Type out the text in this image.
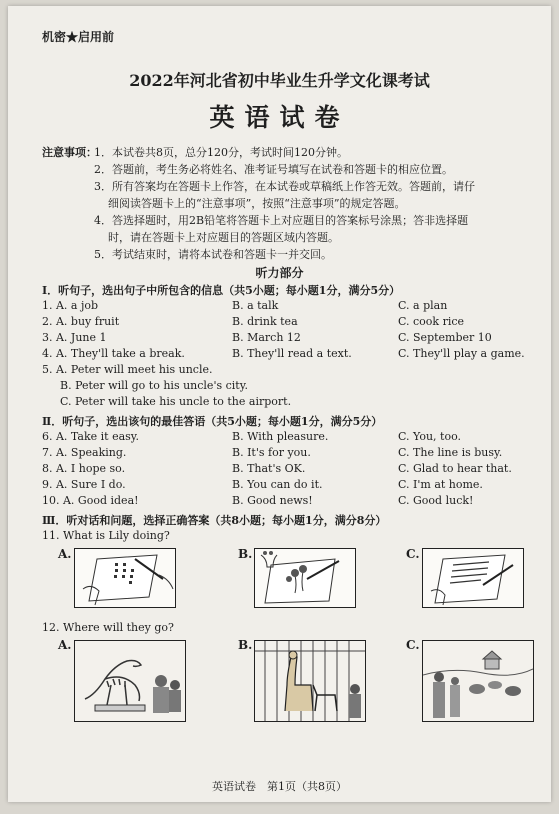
机密★启用前
2022年河北省初中毕业生升学文化课考试
英语试卷
注意事项：
1．本试卷共8页，总分120分，考试时间120分钟。
2．答题前，考生务必将姓名、准考证号填写在试卷和答题卡的相应位置。
3．所有答案均在答题卡上作答，在本试卷或草稿纸上作答无效。答题前，请仔
细阅读答题卡上的“注意事项”，按照“注意事项”的规定答题。
4．答选择题时，用2B铅笔将答题卡上对应题目的答案标号涂黑；答非选择题
时，请在答题卡上对应题目的答题区域内答题。
5．考试结束时，请将本试卷和答题卡一并交回。
听力部分
Ⅰ．听句子，选出句子中所包含的信息（共5小题；每小题1分，满分5分）
1. A. a job	B. a talk	C. a plan
2. A. buy fruit	B. drink tea	C. cook rice
3. A. June 1	B. March 12	C. September 10
4. A. They'll take a break.	B. They'll read a text.	C. They'll play a game.
5. A. Peter will meet his uncle.
B. Peter will go to his uncle's city.
C. Peter will take his uncle to the airport.
Ⅱ．听句子，选出该句的最佳答语（共5小题；每小题1分，满分5分）
6. A. Take it easy.	B. With pleasure.	C. You, too.
7. A. Speaking.	B. It's for you.	C. The line is busy.
8. A. I hope so.	B. That's OK.	C. Glad to hear that.
9. A. Sure I do.	B. You can do it.	C. I'm at home.
10. A. Good idea!	B. Good news!	C. Good luck!
Ⅲ．听对话和问题，选择正确答案（共8小题；每小题1分，满分8分）
11. What is Lily doing?
A.	B.	C.
12. Where will they go?
A.	B.	C.
英语试卷　第1页（共8页）
